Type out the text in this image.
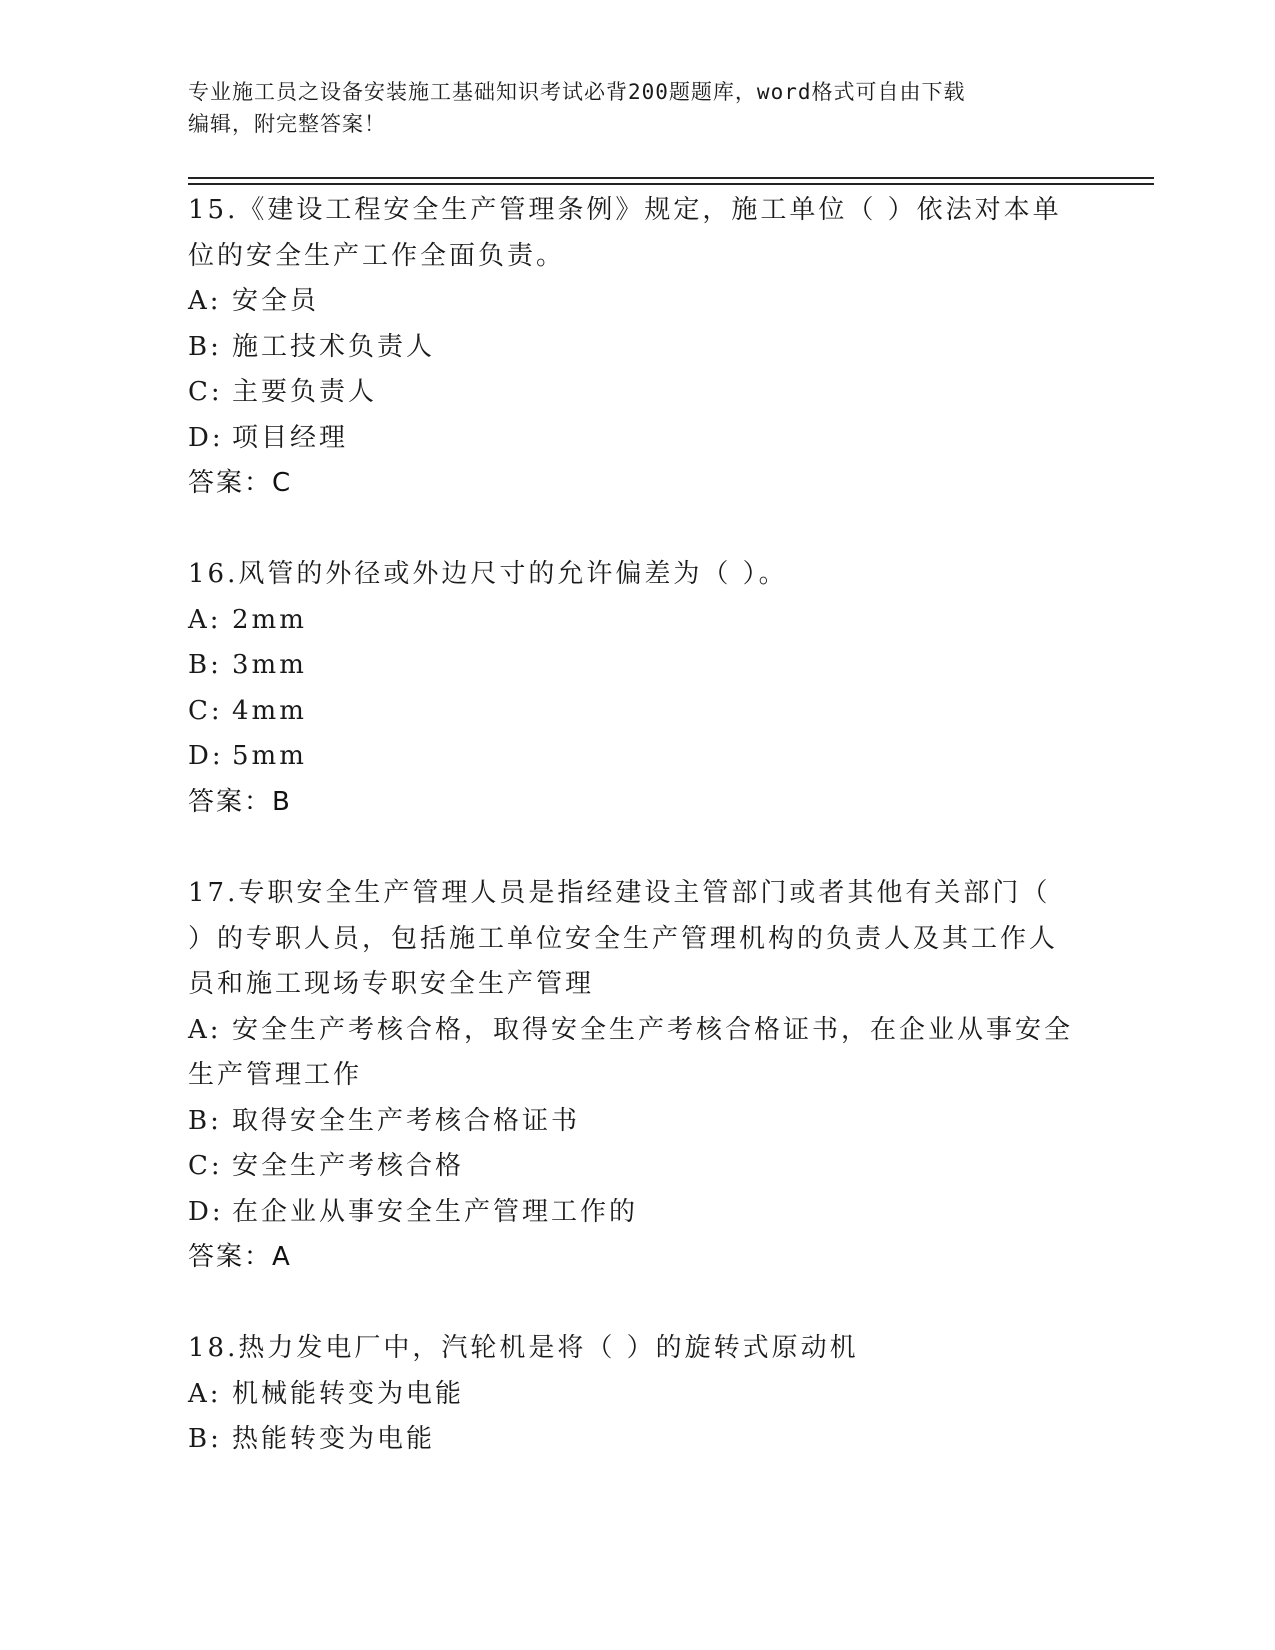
专业施工员之设备安装施工基础知识考试必背200题题库，word格式可自由下载
编辑，附完整答案！
15.《建设工程安全生产管理条例》规定，施工单位（ ）依法对本单
位的安全生产工作全面负责。
A: 安全员
B: 施工技术负责人
C: 主要负责人
D: 项目经理
答案：C
16.风管的外径或外边尺寸的允许偏差为（ ）。
A: 2mm
B: 3mm
C: 4mm
D: 5mm
答案：B
17.专职安全生产管理人员是指经建设主管部门或者其他有关部门（
）的专职人员，包括施工单位安全生产管理机构的负责人及其工作人
员和施工现场专职安全生产管理
A: 安全生产考核合格，取得安全生产考核合格证书，在企业从事安全
生产管理工作
B: 取得安全生产考核合格证书
C: 安全生产考核合格
D: 在企业从事安全生产管理工作的
答案：A
18.热力发电厂中，汽轮机是将（ ）的旋转式原动机
A: 机械能转变为电能
B: 热能转变为电能
